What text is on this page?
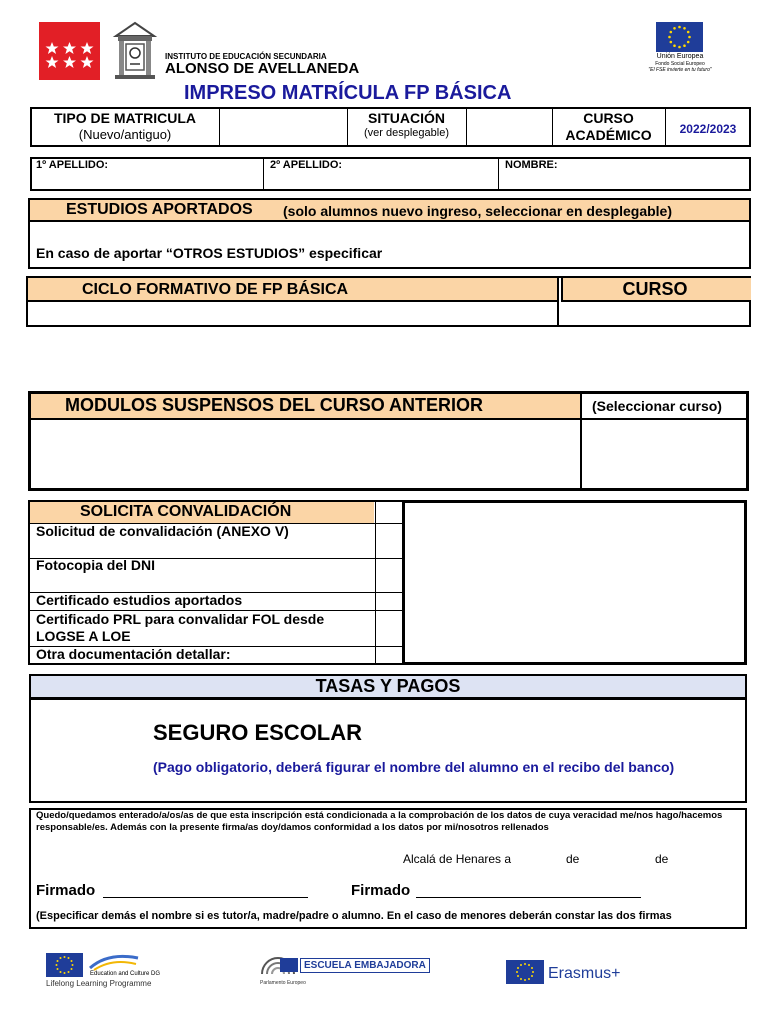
INSTITUTO DE EDUCACIÓN SECUNDARIA
ALONSO DE AVELLANEDA
IMPRESO MATRÍCULA FP BÁSICA
Unión Europea
Fondo Social Europeo
"El FSE invierte en tu futuro"
TIPO DE MATRICULA
(Nuevo/antiguo)
SITUACIÓN
(ver desplegable)
CURSO
ACADÉMICO	2022/2023
1º APELLIDO:	2º APELLIDO:	NOMBRE:
ESTUDIOS APORTADOS (solo alumnos nuevo ingreso, seleccionar en desplegable)
En caso de aportar “OTROS ESTUDIOS” especificar
CICLO FORMATIVO DE FP BÁSICA	CURSO
MODULOS SUSPENSOS DEL CURSO ANTERIOR	(Seleccionar curso)
SOLICITA CONVALIDACIÓN
Solicitud de convalidación (ANEXO V)
Fotocopia del DNI
Certificado estudios aportados
Certificado PRL para convalidar FOL desde LOGSE A LOE
Otra documentación detallar:
TASAS Y PAGOS
SEGURO ESCOLAR
(Pago obligatorio, deberá figurar el nombre del alumno en el recibo del banco)
Quedo/quedamos enterado/a/os/as de que esta inscripción está condicionada a la comprobación de los datos de cuya veracidad me/nos hago/hacemos responsable/es. Además con la presente firma/as doy/damos conformidad a los datos por mi/nosotros rellenados
Alcalá de Henares a	de	de
Firmado	Firmado
(Especificar demás el nombre si es tutor/a, madre/padre o alumno. En el caso de menores deberán constar las dos firmas
Education and Culture DG
Lifelong Learning Programme	Parlamento Europeo
ESCUELA EMBAJADORA	Erasmus+
